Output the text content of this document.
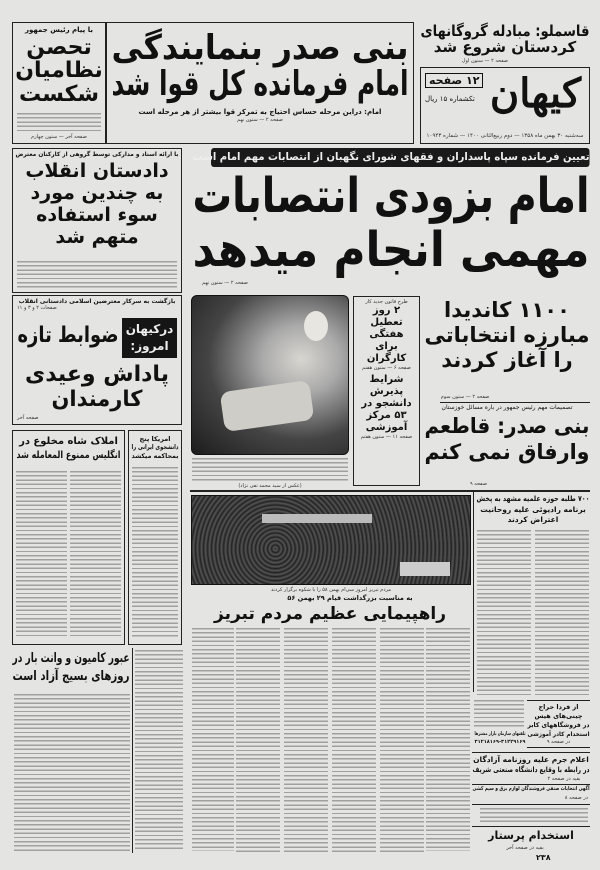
با پیام رئیس جمهور
تحصن
نظامیان
شکست
صفحه آخر — ستون چهارم
بنی صدر بنمایندگی
امام فرمانده کل قوا شد
امام: دراین مرحله حساس احتیاج به تمرکز قوا بیشتر از هر مرحله است
صفحه ۲ — ستون نهم
قاسملو: مبادله گروگانهای
کردستان شروع شد
صفحه ۲ — ستون اول
کیهان
۱۲ صفحه
تکشماره ۱۵ ریال
سه‌شنبه ۳۰ بهمن ماه ۱۳۵۸ — دوم ربیع‌الثانی ۱۴۰۰ — شماره ۱۰۹۴۳
با ارائه اسناد و مدارکی توسط گروهی از کارکنان معترض
دادستان انقلاب
به چندین مورد
سوء استفاده
متهم شد
بازگشت به سرکار معترضین اسلامی دادستانی انقلاب
صفحات ۲ و ۳ و ۱۱
درکیهان
امروز:
ضوابط تازه
پاداش وعیدی
کارمندان
صفحه آخر
املاک شاه مخلوع در
انگلیس ممنوع المعامله شد
امریکا پنج
دانشجوی ایرانی را
بمحاکمه میکشد
عبور کامیون و وانت بار در
روزهای بسیج آزاد است
(عکس از سید محمد تقی نژاد)
طرح قانون جدید کار
۲ روز
تعطیل
هفتگی
برای
کارگران
صفحه ۶ — ستون هفتم
شرایط
پذیرش
دانشجو در
۵۳ مرکز
آموزشی
صفحه ۱۱ — ستون هفتم
تعیین فرمانده سپاه پاسداران و فقهای شورای نگهبان از انتصابات مهم امام است
امام بزودی انتصابات
مهمی انجام میدهد
صفحه ۲ — ستون نهم
۱۱۰۰ کاندیدا
مبارزه انتخاباتی
را آغاز کردند
صفحه ۲ — ستون سوم
تصمیمات مهم رئیس جمهور در باره مسائل خوزستان
بنی صدر: قاطعم
وارفاق نمی کنم
صفحه ۹
مردم تبریز امروز سی‌ام بهمن ۵۸ را با شکوه برگزار کردند
به مناسبت بزرگداشت قیام ۲۹ بهمن ۵۶
راهپیمایی عظیم مردم تبریز
۷۰۰ طلبه حوزه علمیه مشهد به پخش
برنامه رادیوئی علیه روحانیت
اعتراض کردند
از فردا حراج
چینی‌های هیس
در فروشگاههای کابر
استخدام کادر آموزشی
در صفحه ۹
تلفنهای سازمان بازار مشترها
۳۱۲۱۸۱۶۹-۳۱۲۲۹۱۶۹
اعلام جرم علیه روزنامه آزادگان
در رابطه با وقایع دانشگاه صنعتی شریف
بقیه در صفحه ۲
آگهی انتخابات صنفی فروشندگان لوازم برق و سیم کشی
در صفحه ۸
استخدام پرستار
بقیه در صفحه آخر
۲۳۸
